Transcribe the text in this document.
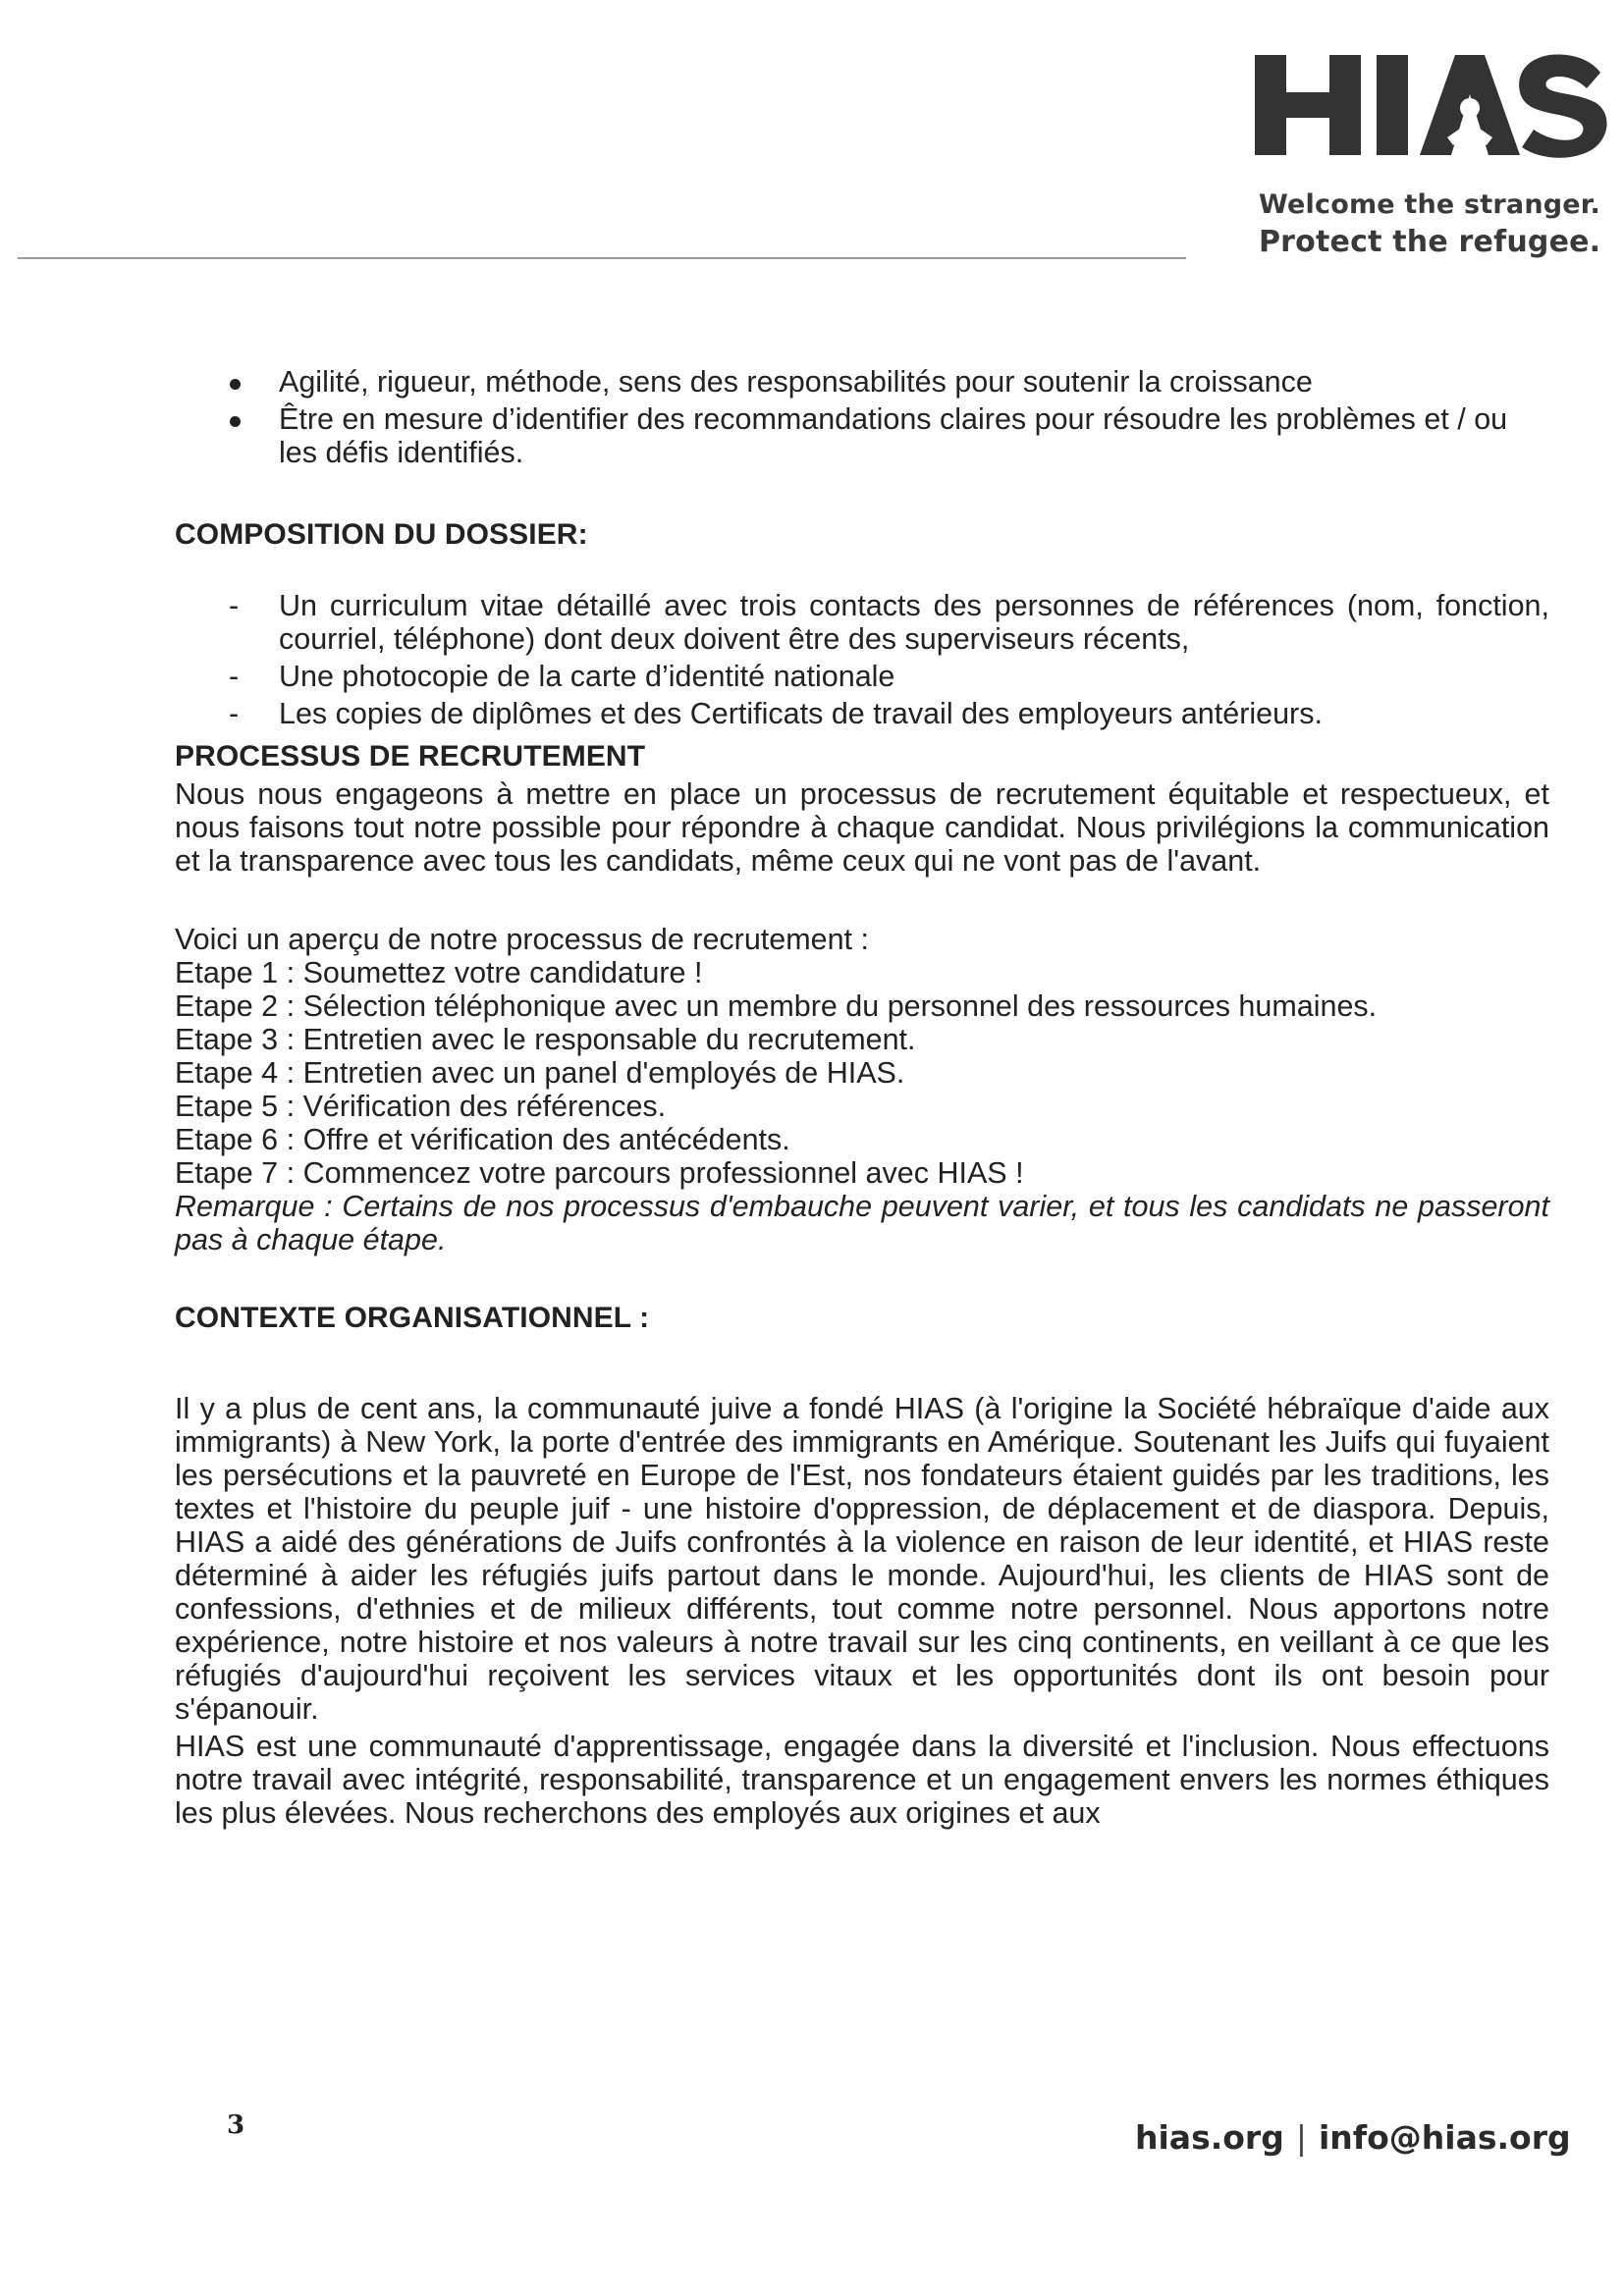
Welcome the stranger.
Protect the refugee.
Agilité, rigueur, méthode, sens des responsabilités pour soutenir la croissance
Être en mesure d’identifier des recommandations claires pour résoudre les problèmes et / ou les défis identifiés.
COMPOSITION DU DOSSIER:
- Un curriculum vitae détaillé avec trois contacts des personnes de références (nom, fonction, courriel, téléphone) dont deux doivent être des superviseurs récents,
- Une photocopie de la carte d’identité nationale
- Les copies de diplômes et des Certificats de travail des employeurs antérieurs.
PROCESSUS DE RECRUTEMENT

Nous nous engageons à mettre en place un processus de recrutement équitable et respectueux, et nous faisons tout notre possible pour répondre à chaque candidat. Nous privilégions la communication et la transparence avec tous les candidats, même ceux qui ne vont pas de l'avant.

Voici un aperçu de notre processus de recrutement :

Etape 1 : Soumettez votre candidature !

Etape 2 : Sélection téléphonique avec un membre du personnel des ressources humaines.

Etape 3 : Entretien avec le responsable du recrutement.

Etape 4 : Entretien avec un panel d'employés de HIAS.

Etape 5 : Vérification des références.

Etape 6 : Offre et vérification des antécédents.

Etape 7 : Commencez votre parcours professionnel avec HIAS !

Remarque : Certains de nos processus d'embauche peuvent varier, et tous les candidats ne passeront pas à chaque étape.

CONTEXTE ORGANISATIONNEL :

Il y a plus de cent ans, la communauté juive a fondé HIAS (à l'origine la Société hébraïque d'aide aux immigrants) à New York, la porte d'entrée des immigrants en Amérique. Soutenant les Juifs qui fuyaient les persécutions et la pauvreté en Europe de l'Est, nos fondateurs étaient guidés par les traditions, les textes et l'histoire du peuple juif - une histoire d'oppression, de déplacement et de diaspora. Depuis, HIAS a aidé des générations de Juifs confrontés à la violence en raison de leur identité, et HIAS reste déterminé à aider les réfugiés juifs partout dans le monde. Aujourd'hui, les clients de HIAS sont de confessions, d'ethnies et de milieux différents, tout comme notre personnel. Nous apportons notre expérience, notre histoire et nos valeurs à notre travail sur les cinq continents, en veillant à ce que les réfugiés d'aujourd'hui reçoivent les services vitaux et les opportunités dont ils ont besoin pour s'épanouir.

HIAS est une communauté d'apprentissage, engagée dans la diversité et l'inclusion. Nous effectuons notre travail avec intégrité, responsabilité, transparence et un engagement envers les normes éthiques les plus élevées. Nous recherchons des employés aux origines et aux

3	hias.org | info@hias.org
